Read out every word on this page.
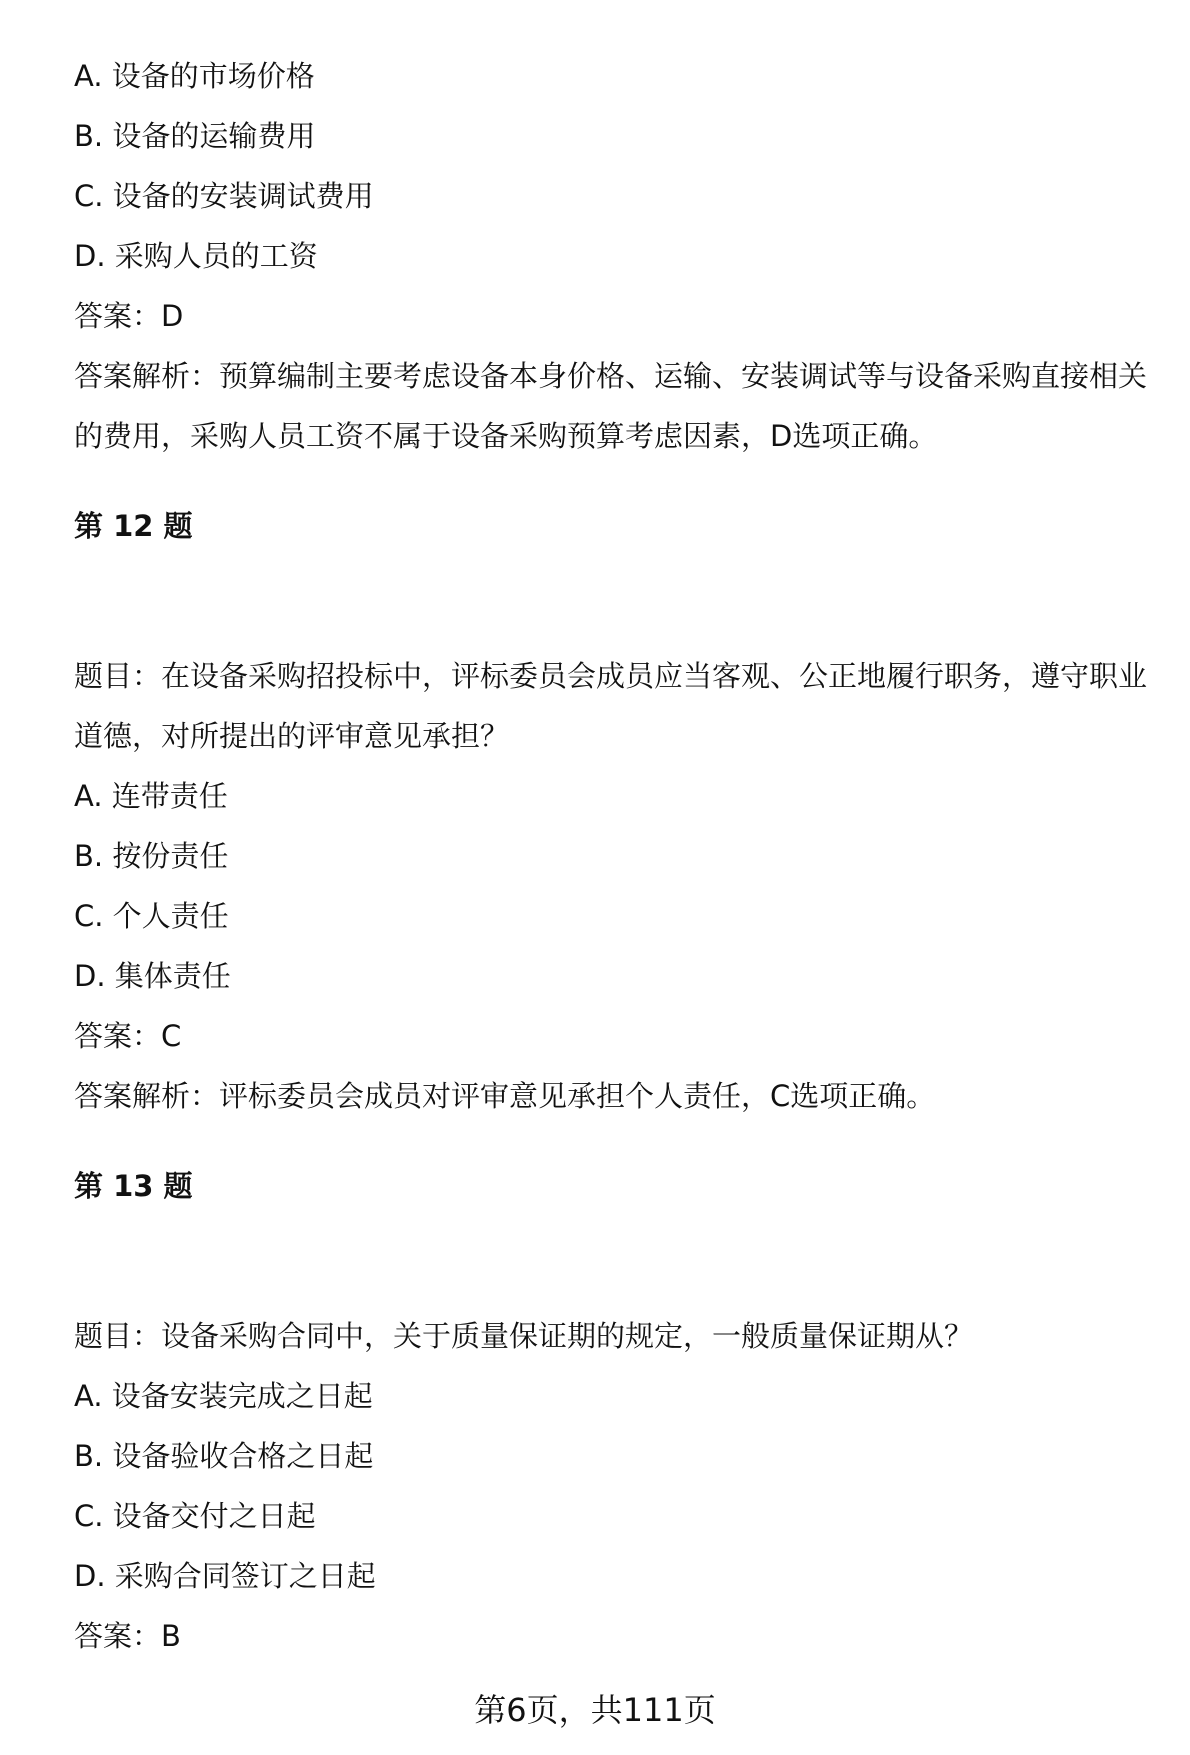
A. 设备的市场价格
B. 设备的运输费用
C. 设备的安装调试费用
D. 采购人员的工资
答案：D
答案解析：预算编制主要考虑设备本身价格、运输、安装调试等与设备采购直接相关的费用，采购人员工资不属于设备采购预算考虑因素，D选项正确。
第 12 题
题目：在设备采购招投标中，评标委员会成员应当客观、公正地履行职务，遵守职业道德，对所提出的评审意见承担？
A. 连带责任
B. 按份责任
C. 个人责任
D. 集体责任
答案：C
答案解析：评标委员会成员对评审意见承担个人责任，C选项正确。
第 13 题
题目：设备采购合同中，关于质量保证期的规定，一般质量保证期从？
A. 设备安装完成之日起
B. 设备验收合格之日起
C. 设备交付之日起
D. 采购合同签订之日起
答案：B
第6页，共111页
